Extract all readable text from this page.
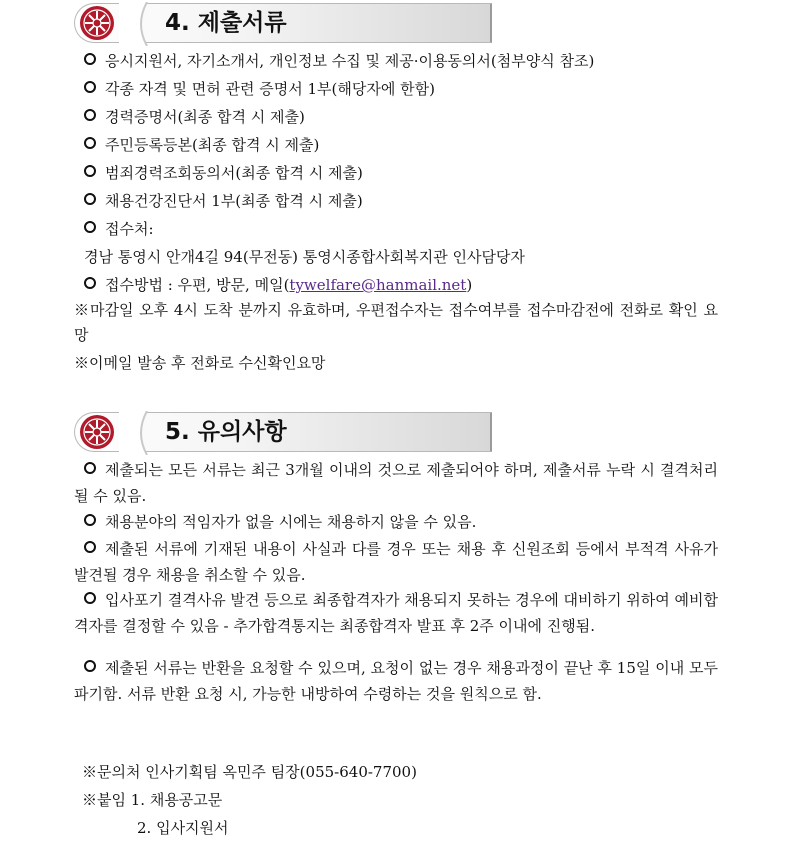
4. 제출서류
응시지원서, 자기소개서, 개인정보 수집 및 제공·이용동의서(첨부양식 참조)
각종 자격 및 면허 관련 증명서 1부(해당자에 한함)
경력증명서(최종 합격 시 제출)
주민등록등본(최종 합격 시 제출)
범죄경력조회동의서(최종 합격 시 제출)
채용건강진단서 1부(최종 합격 시 제출)
접수처:
경남 통영시 안개4길 94(무전동) 통영시종합사회복지관 인사담당자
접수방법 : 우편, 방문, 메일(tywelfare@hanmail.net)
※마감일 오후 4시 도착 분까지 유효하며, 우편접수자는 접수여부를 접수마감전에 전화로 확인 요망
※이메일 발송 후 전화로 수신확인요망
5. 유의사항
제출되는 모든 서류는 최근 3개월 이내의 것으로 제출되어야 하며, 제출서류 누락 시 결격처리 될 수 있음.
채용분야의 적임자가 없을 시에는 채용하지 않을 수 있음.
제출된 서류에 기재된 내용이 사실과 다를 경우 또는 채용 후 신원조회 등에서 부적격 사유가 발견될 경우 채용을 취소할 수 있음.
입사포기 결격사유 발견 등으로 최종합격자가 채용되지 못하는 경우에 대비하기 위하여 예비합격자를 결정할 수 있음 - 추가합격통지는 최종합격자 발표 후 2주 이내에 진행됨.
제출된 서류는 반환을 요청할 수 있으며, 요청이 없는 경우 채용과정이 끝난 후 15일 이내 모두 파기함. 서류 반환 요청 시, 가능한 내방하여 수령하는 것을 원칙으로 함.
※문의처 인사기획팀 옥민주 팀장(055-640-7700)
※붙임 1. 채용공고문
2. 입사지원서
